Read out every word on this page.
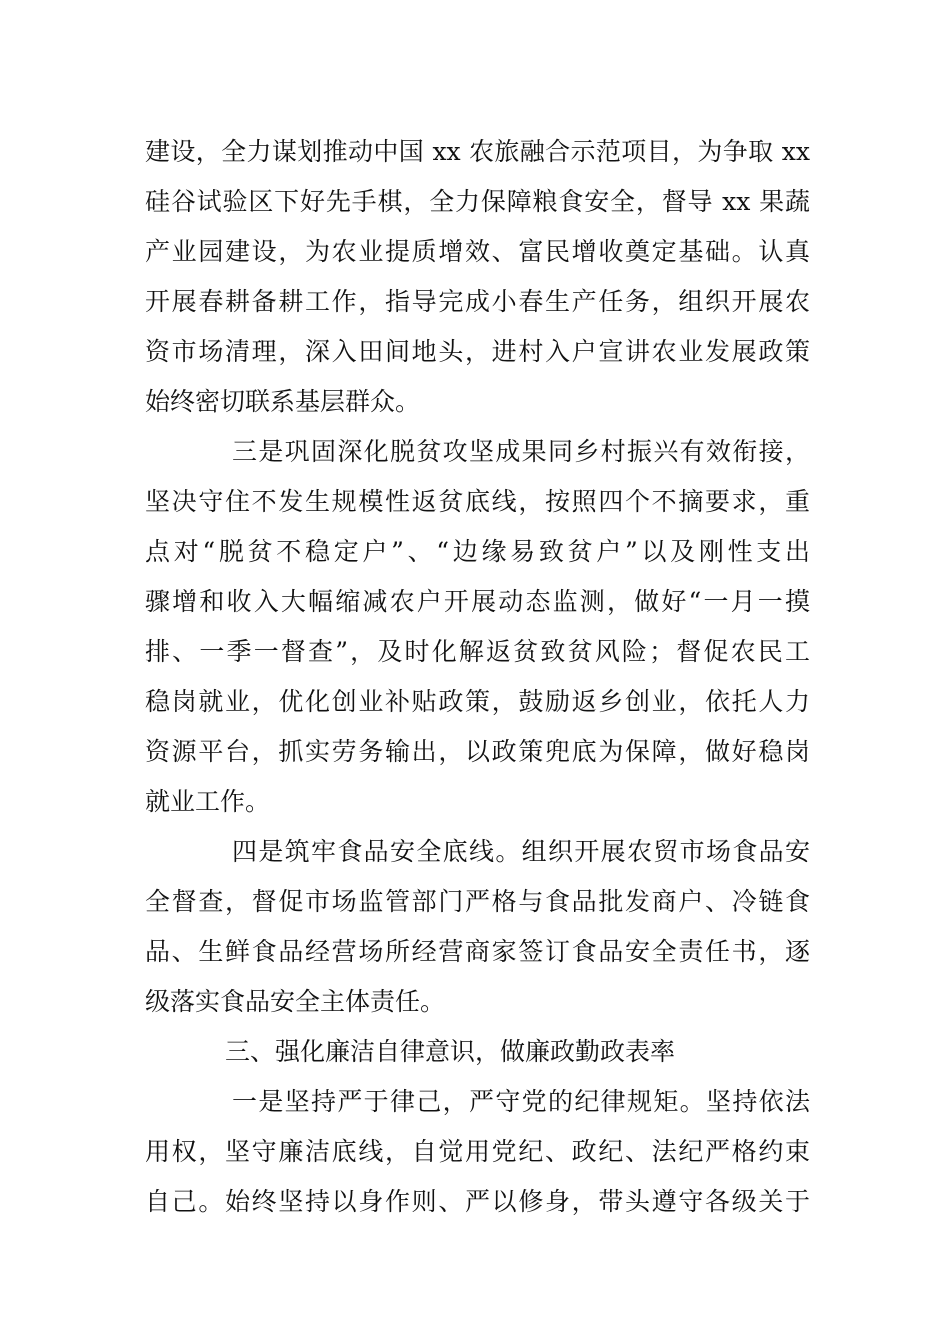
建设，全力谋划推动中国 xx 农旅融合示范项目，为争取 xx
硅谷试验区下好先手棋，全力保障粮食安全，督导 xx 果蔬
产业园建设，为农业提质增效、富民增收奠定基础。认真
开展春耕备耕工作，指导完成小春生产任务，组织开展农
资市场清理，深入田间地头，进村入户宣讲农业发展政策
始终密切联系基层群众。
三是巩固深化脱贫攻坚成果同乡村振兴有效衔接，
坚决守住不发生规模性返贫底线，按照四个不摘要求，重
点对“脱贫不稳定户”、“边缘易致贫户”以及刚性支出
骤增和收入大幅缩减农户开展动态监测，做好“一月一摸
排、一季一督查”，及时化解返贫致贫风险；督促农民工
稳岗就业，优化创业补贴政策，鼓励返乡创业，依托人力
资源平台，抓实劳务输出，以政策兜底为保障，做好稳岗
就业工作。
四是筑牢食品安全底线。组织开展农贸市场食品安
全督查，督促市场监管部门严格与食品批发商户、冷链食
品、生鲜食品经营场所经营商家签订食品安全责任书，逐
级落实食品安全主体责任。
三、强化廉洁自律意识，做廉政勤政表率
一是坚持严于律己，严守党的纪律规矩。坚持依法
用权，坚守廉洁底线，自觉用党纪、政纪、法纪严格约束
自己。始终坚持以身作则、严以修身，带头遵守各级关于
